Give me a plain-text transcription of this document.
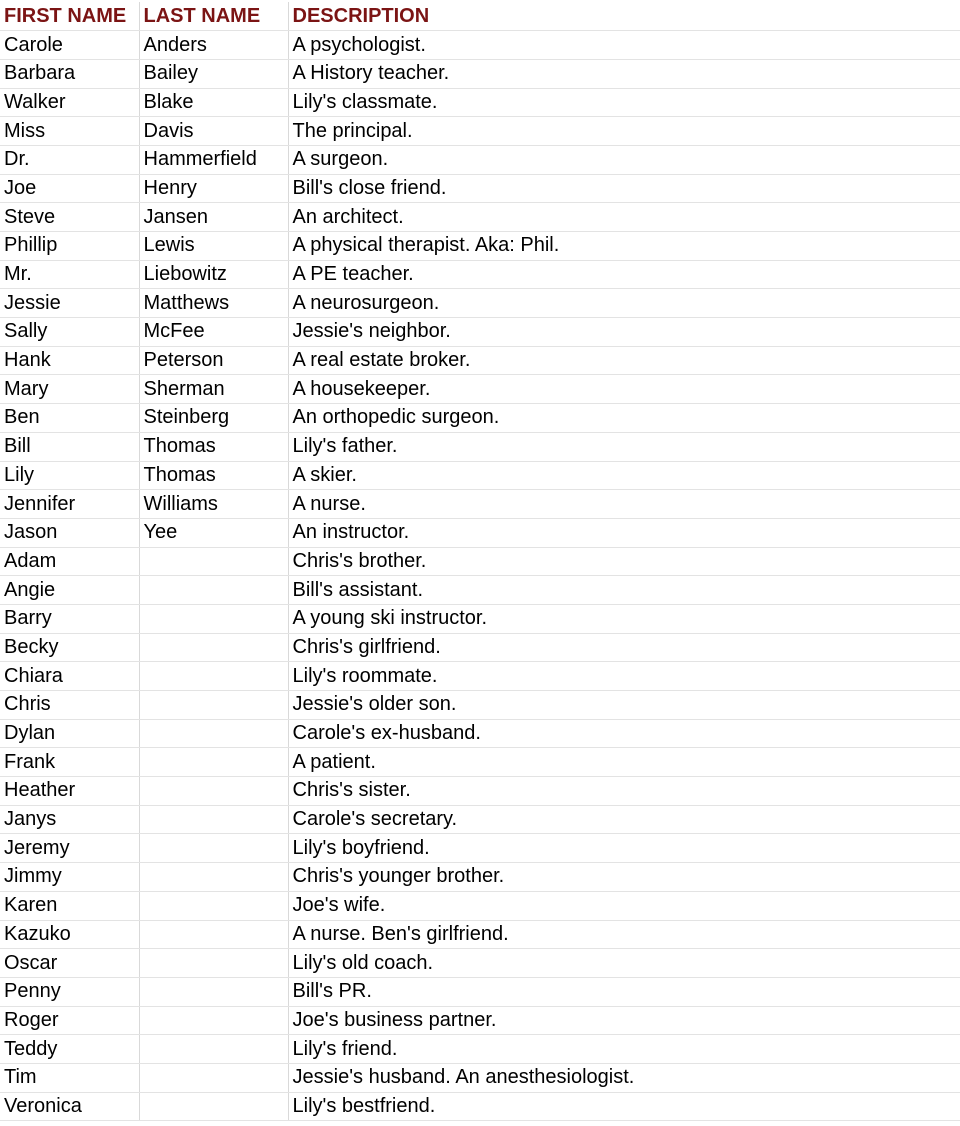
FIRST NAME	LAST NAME	DESCRIPTION
Carole	Anders	A psychologist.
Barbara	Bailey	A History teacher.
Walker	Blake	Lily's classmate.
Miss	Davis	The principal.
Dr.	Hammerfield	A surgeon.
Joe	Henry	Bill's close friend.
Steve	Jansen	An architect.
Phillip	Lewis	A physical therapist. Aka: Phil.
Mr.	Liebowitz	A PE teacher.
Jessie	Matthews	A neurosurgeon.
Sally	McFee	Jessie's neighbor.
Hank	Peterson	A real estate broker.
Mary	Sherman	A housekeeper.
Ben	Steinberg	An orthopedic surgeon.
Bill	Thomas	Lily's father.
Lily	Thomas	A skier.
Jennifer	Williams	A nurse.
Jason	Yee	An instructor.
Adam		Chris's brother.
Angie		Bill's assistant.
Barry		A young ski instructor.
Becky		Chris's girlfriend.
Chiara		Lily's roommate.
Chris		Jessie's older son.
Dylan		Carole's ex-husband.
Frank		A patient.
Heather		Chris's sister.
Janys		Carole's secretary.
Jeremy		Lily's boyfriend.
Jimmy		Chris's younger brother.
Karen		Joe's wife.
Kazuko		A nurse. Ben's girlfriend.
Oscar		Lily's old coach.
Penny		Bill's PR.
Roger		Joe's business partner.
Teddy		Lily's friend.
Tim		Jessie's husband. An anesthesiologist.
Veronica		Lily's bestfriend.
